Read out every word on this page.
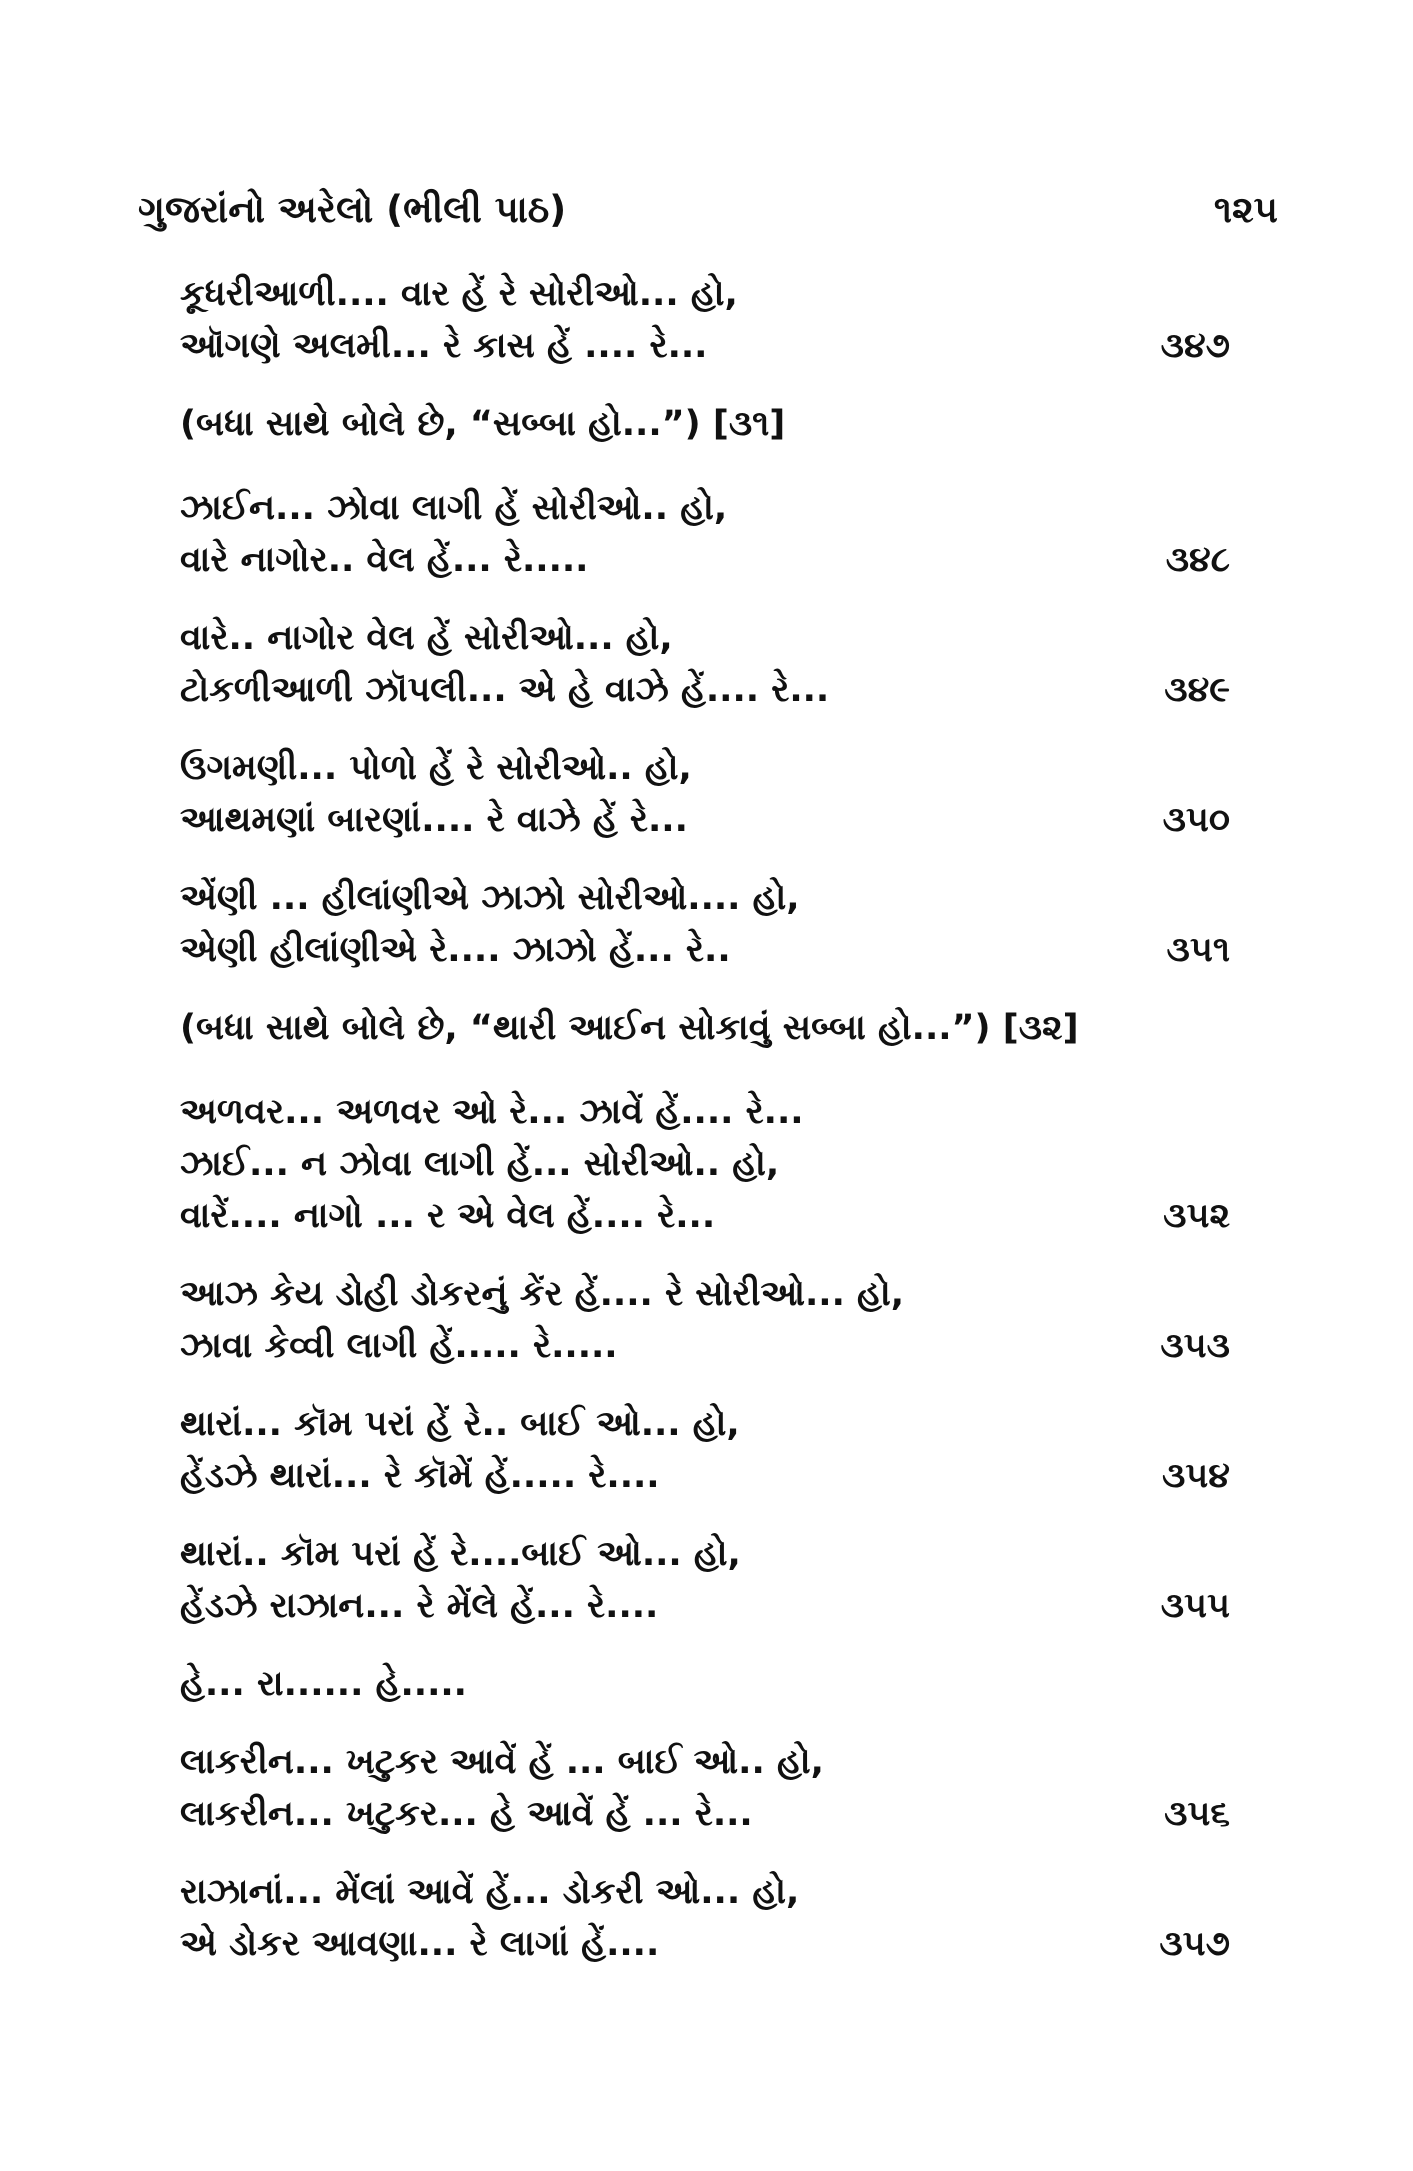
ગુજરાંનો અરેલો (ભીલી પાઠ)	૧૨૫
કૂધરીઆળી.... વાર હેં રે સોરીઓ... હો,
ઑગણે અલમી... રે કાસ હેં .... રે...	૩૪૭
(બધા સાથે બોલે છે, “સબ્બા હો...”) [૩૧]
ઝાઈન... ઝોવા લાગી હેં સોરીઓ.. હો,
વારે નાગોર.. વેલ હેં... રે.....	૩૪૮
વારે.. નાગોર વેલ હેં સોરીઓ... હો,
ટોકળીઆળી ઝૉપલી... એ હે વાઝે હેં.... રે...	૩૪૯
ઉગમણી... પોળો હેં રે સોરીઓ.. હો,
આથમણાં બારણાં.... રે વાઝે હેં રે...	૩૫૦
એંણી ... હીલાંણીએ ઝાઝો સોરીઓ.... હો,
એણી હીલાંણીએ રે.... ઝાઝો હેં... રે..	૩૫૧
(બધા સાથે બોલે છે, “થારી આઈન સોકાવું સબ્બા હો...”) [૩૨]
અળવર... અળવર ઓ રે... ઝાવેં હેં.... રે...
ઝાઈ... ન ઝોવા લાગી હેં... સોરીઓ.. હો,
વારેં.... નાગો ... ર એ વેલ હેં.... રે...	૩૫૨
આઝ કેય ડોહી ડોકરનું કેંર હેં.... રે સોરીઓ... હો,
ઝાવા કેવ્વી લાગી હેં..... રે.....	૩૫૩
થારાં... કૉમ પરાં હેં રે.. બાઈ ઓ... હો,
હેંડઝે થારાં... રે કૉમેં હેં..... રે....	૩૫૪
થારાં.. કૉમ પરાં હેં રે....બાઈ ઓ... હો,
હેંડઝે રાઝાન... રે મેંલે હેં... રે....	૩૫૫
હે... રા...... હે.....
લાકરીન... ખટુકર આવેં હેં ... બાઈ ઓ.. હો,
લાકરીન... ખટુકર... હે આવેં હેં ... રે...	૩૫૬
રાઝાનાં... મેંલાં આવેં હેં... ડોકરી ઓ... હો,
એ ડોકર આવણા... રે લાગાં હેં....	૩૫૭
